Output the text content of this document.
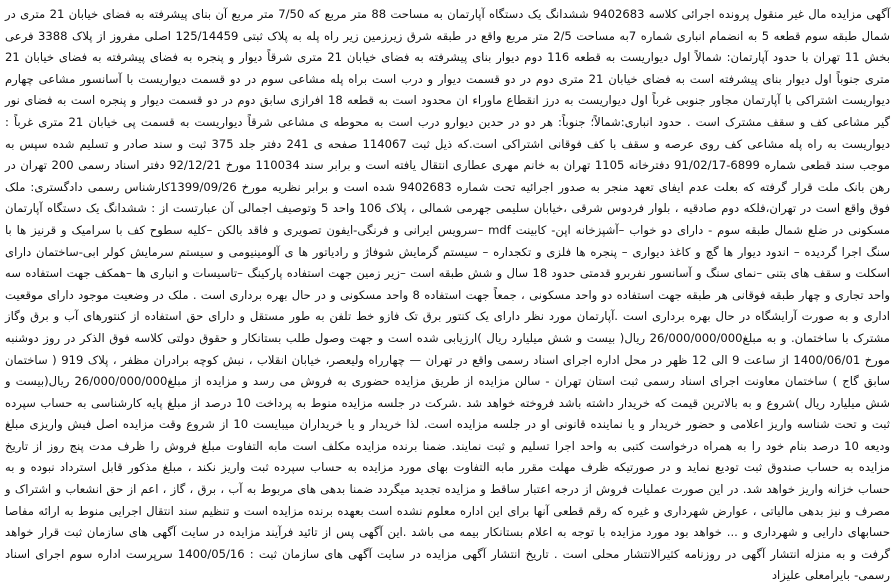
آگهی مزایده مال غیر منقول پرونده اجرائی کلاسه 9402683 ششدانگ یک دستگاه آپارتمان به مساحت 88 متر مربع که 7/50 متر مربع آن بنای پیشرفته به فضای خیابان 21 متری در شمال طبقه سوم قطعه 5 به انضمام انباری شماره 7به مساحت 2/5 متر مربع واقع در طبقه شرق زیرزمین زیر راه پله به پلاک ثبتی 125/14459 اصلی مفروز از پلاک 3388 فرعی بخش 11 تهران با حدود آپارتمان: شمالاً اول دیواریست به قطعه 116 دوم دیوار بنای پیشرفته به فضای خیابان 21 متری شرقاً دیوار و پنجره به فضای پیشرفته به فضای خیابان 21 متری جنوباً اول دیوار بنای پیشرفته است به فضای خیابان 21 متری دوم در دو قسمت دیوار و درب است براه پله مشاعی سوم در دو قسمت دیواریست با آسانسور مشاعی چهارم دیواریست اشتراکی با آپارتمان مجاور جنوبی غرباً اول دیواریست به درز انقطاع ماوراء ان محدود است به قطعه 18 افرازی سابق دوم در دو قسمت دیوار و پنجره است به فضای نور گیر مشاعی کف و سقف مشترک است . حدود انباری:شمالاً؛ جنوباً: هر دو در حدین دیوارو درب است به محوطه ی مشاعی شرقاً دیواریست به قسمت پی خیابان 21 متری غرباً : دیواریست به راه پله مشاعی کف روی عرصه و سقف با کف فوقانی اشتراکی است.که ذیل ثبت 114067 صفحه ی 241 دفتر جلد 375 ثبت و سند صادر و تسلیم شده سپس به موجب سند قطعی شماره 6899-91/02/17 دفترخانه 1105 تهران به خانم مهری عطاری انتقال یافته است و برابر سند 110034 مورخ 92/12/21 دفتر اسناد رسمی 200 تهران در رهن بانک ملت قرار گرفته که بعلت عدم ایفای تعهد منجر به صدور اجرائیه تحت شماره 9402683 شده است و برابر نظریه مورخ 1399/09/26کارشناس رسمی دادگستری: ملک فوق واقع است در تهران،فلکه دوم صادقیه ، بلوار فردوس شرقی ،خیابان سلیمی جهرمی شمالی ، پلاک 106 واحد 5 وتوصیف اجمالی آن عبارتست از : ششدانگ یک دستگاه آپارتمان مسکونی در ضلع شمال طبقه سوم - دارای دو خواب –آشپزخانه اپن- کابینت mdf –سرویس ایرانی و فرنگی-ایفون تصویری و فاقد بالکن –کلیه سطوح کف با سرامیک و قرنیز ها با سنگ اجرا گردیده – اندود دیوار ها گچ و کاغذ دیواری – پنجره ها فلزی و تکجداره – سیستم گرمایش شوفاژ و رادیاتور ها ی آلومینیومی و سیستم سرمایش کولر ابی-ساختمان دارای اسکلت و سقف های بتنی –نمای سنگ و آسانسور نفربرو قدمتی حدود 18 سال و شش طبقه است –زیر زمین جهت استفاده پارکینگ –تاسیسات و انباری ها –همکف جهت استفاده سه واحد تجاری و چهار طبقه فوقانی هر طبقه جهت استفاده دو واحد مسکونی ، جمعاً جهت استفاده 8 واحد مسکونی و در حال بهره برداری است . ملک در وضعیت موجود دارای موقعیت اداری و به صورت آرایشگاه در حال بهره برداری است .آپارتمان مورد نظر دارای یک کنتور برق تک فازو خط تلفن به طور مستقل و دارای حق استفاده از کنتورهای آب و برق وگاز مشترک با ساختمان. و به مبلغ26/000/000/000 ریال( بیست و شش میلیارد ریال )ارزیابی شده است و جهت وصول طلب بستانکار و حقوق دولتی کلاسه فوق الذکر در روز دوشنبه مورخ 1400/06/01 از ساعت 9 الی 12 ظهر در محل اداره اجرای اسناد رسمی واقع در تهران — چهارراه ولیعصر، خیابان انقلاب ، نبش کوچه برادران مظفر ، پلاک 919 ( ساختمان سابق گاج ) ساختمان معاونت اجرای اسناد رسمی ثبت استان تهران - سالن مزایده از طریق مزایده حضوری به فروش می رسد و مزایده از مبلغ26/000/000/000 ریال(بیست و شش میلیارد ریال )شروع و به بالاترین قیمت که خریدار داشته باشد فروخته خواهد شد .شرکت در جلسه مزایده منوط به پرداخت 10 درصد از مبلغ پایه کارشناسی به حساب سپرده ثبت و تحت شناسه واریز اعلامی و حضور خریدار و یا نماینده قانونی او در جلسه مزایده است. لذا خریدار و یا خریداران میبایست 10 از شروع وقت مزایده اصل فیش واریزی مبلغ ودیعه 10 درصد بنام خود را به همراه درخواست کتبی به واحد اجرا تسلیم و ثبت نمایند. ضمنا برنده مزایده مکلف است مابه التفاوت مبلغ فروش را ظرف مدت پنج روز از تاریخ مزایده به حساب صندوق ثبت تودیع نماید و در صورتیکه ظرف مهلت مقرر مابه التفاوت بهای مورد مزایده به حساب سپرده ثبت واریز نکند ، مبلغ مذکور قابل استرداد نبوده و به حساب خزانه واریز خواهد شد. در این صورت عملیات فروش از درجه اعتبار ساقط و مزایده تجدید میگردد ضمنا بدهی های مربوط به آب ، برق ، گاز ، اعم از حق انشعاب و اشتراک و مصرف و نیز بدهی مالیاتی ، عوارض شهرداری و غیره که رقم قطعی آنها برای این اداره معلوم نشده است بعهده برنده مزایده است و تنظیم سند انتقال اجرایی منوط به ارائه مفاصا حسابهای دارایی و شهرداری و ... خواهد بود مورد مزایده با توجه به اعلام بستانکار بیمه می باشد .این آگهی پس از تائید فرآیند مزایده در سایت آگهی های سازمان ثبت قرار خواهد گرفت و به منزله انتشار آگهی در روزنامه کثیرالانتشار محلی است . تاریخ انتشار آگهی مزایده در سایت آگهی های سازمان ثبت : 1400/05/16 سرپرست اداره سوم اجرای اسناد رسمی- بایرامعلی علیزاد
